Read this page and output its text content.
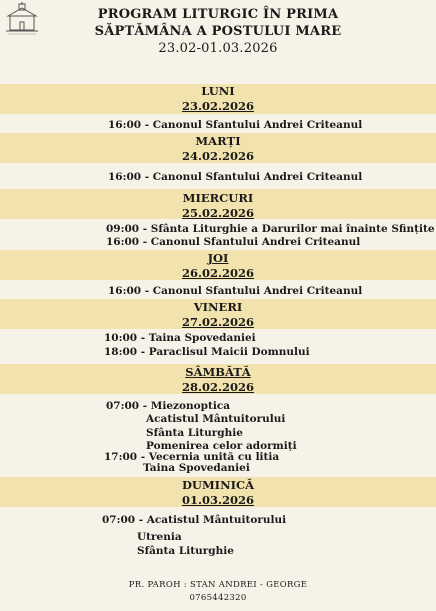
PROGRAM LITURGIC ÎN PRIMA
SĂPTĂMÂNA A POSTULUI MARE
23.02-01.03.2026
LUNI
23.02.2026
16:00 - Canonul Sfantului Andrei Criteanul
MARȚI
24.02.2026
16:00 - Canonul Sfantului Andrei Criteanul
MIERCURI
25.02.2026
09:00 - Sfânta Liturghie a Darurilor mai înainte Sfințite
16:00 - Canonul Sfantului Andrei Criteanul
JOI
26.02.2026
16:00 - Canonul Sfantului Andrei Criteanul
VINERI
27.02.2026
10:00 - Taina Spovedaniei
18:00 - Paraclisul Maicii Domnului
SÂMBĂTĂ
28.02.2026
07:00 - Miezonoptica
Acatistul Mântuitorului
Sfânta Liturghie
Pomenirea celor adormiți
17:00 - Vecernia unită cu litia
Taina Spovedaniei
DUMINICĂ
01.03.2026
07:00 - Acatistul Mântuitorului
Utrenia
Sfânta Liturghie
PR. PAROH : STAN ANDREI - GEORGE
0765442320
